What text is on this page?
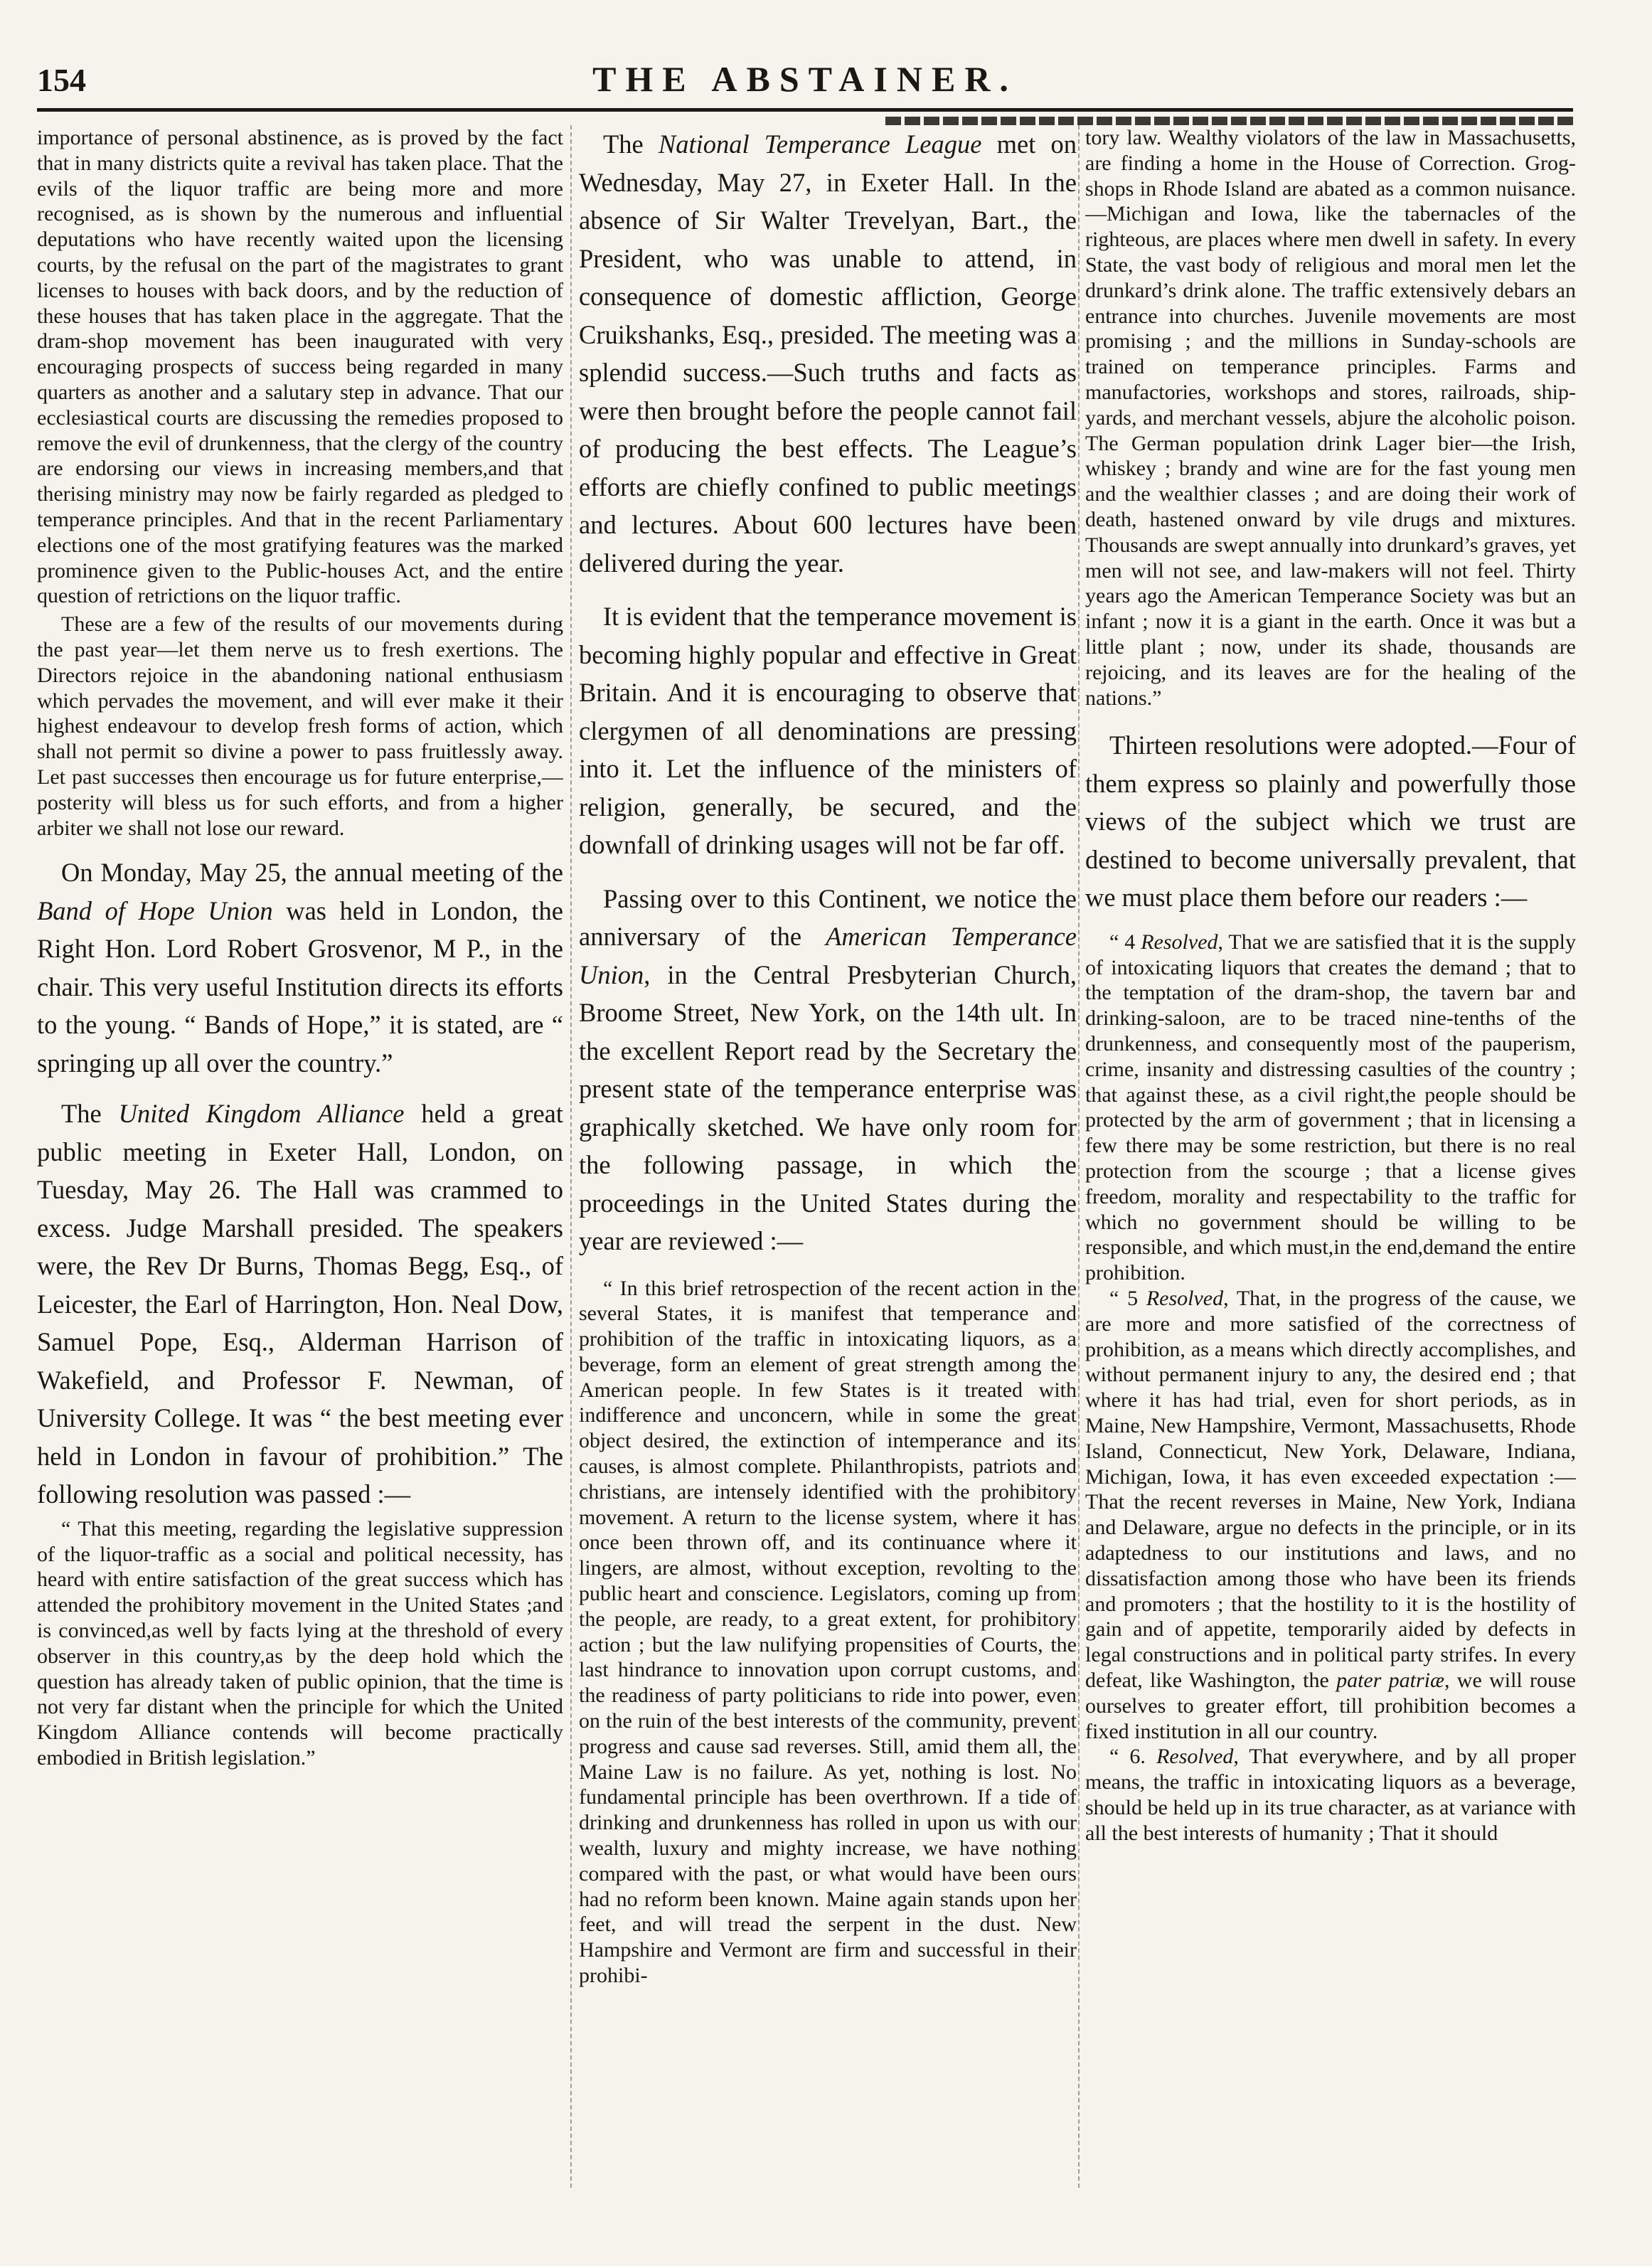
154	THE ABSTAINER.

importance of personal abstinence, as is proved by the fact that in many districts quite a revival has taken place. That the evils of the liquor traffic are being more and more recognised, as is shown by the numerous and influential deputations who have recently waited upon the licensing courts, by the refusal on the part of the magistrates to grant licenses to houses with back doors, and by the reduction of these houses that has taken place in the aggregate. That the dram-shop movement has been inaugurated with very encouraging prospects of success being regarded in many quarters as another and a salutary step in advance. That our ecclesiastical courts are discussing the remedies proposed to remove the evil of drunkenness, that the clergy of the country are endorsing our views in increasing members,and that therising ministry may now be fairly regarded as pledged to temperance principles. And that in the recent Parliamentary elections one of the most gratifying features was the marked prominence given to the Public-houses Act, and the entire question of retrictions on the liquor traffic.

These are a few of the results of our movements during the past year—let them nerve us to fresh exertions. The Directors rejoice in the abandoning national enthusiasm which pervades the movement, and will ever make it their highest endeavour to develop fresh forms of action, which shall not permit so divine a power to pass fruitlessly away. Let past successes then encourage us for future enterprise,—posterity will bless us for such efforts, and from a higher arbiter we shall not lose our reward.

On Monday, May 25, the annual meeting of the Band of Hope Union was held in London, the Right Hon. Lord Robert Grosvenor, M P., in the chair. This very useful Institution directs its efforts to the young. “ Bands of Hope,” it is stated, are “ springing up all over the country.”

The United Kingdom Alliance held a great public meeting in Exeter Hall, London, on Tuesday, May 26. The Hall was crammed to excess. Judge Marshall presided. The speakers were, the Rev Dr Burns, Thomas Begg, Esq., of Leicester, the Earl of Harrington, Hon. Neal Dow, Samuel Pope, Esq., Alderman Harrison of Wakefield, and Professor F. Newman, of University College. It was “ the best meeting ever held in London in favour of prohibition.” The following resolution was passed :—

“ That this meeting, regarding the legislative suppression of the liquor-traffic as a social and political necessity, has heard with entire satisfaction of the great success which has attended the prohibitory movement in the United States ;and is convinced,as well by facts lying at the threshold of every observer in this country,as by the deep hold which the question has already taken of public opinion, that the time is not very far distant when the principle for which the United Kingdom Alliance contends will become practically embodied in British legislation.”

The National Temperance League met on Wednesday, May 27, in Exeter Hall. In the absence of Sir Walter Trevelyan, Bart., the President, who was unable to attend, in consequence of domestic affliction, George Cruikshanks, Esq., presided. The meeting was a splendid success.—Such truths and facts as were then brought before the people cannot fail of producing the best effects. The League’s efforts are chiefly confined to public meetings and lectures. About 600 lectures have been delivered during the year.

It is evident that the temperance movement is becoming highly popular and effective in Great Britain. And it is encouraging to observe that clergymen of all denominations are pressing into it. Let the influence of the ministers of religion, generally, be secured, and the downfall of drinking usages will not be far off.

Passing over to this Continent, we notice the anniversary of the American Temperance Union, in the Central Presbyterian Church, Broome Street, New York, on the 14th ult. In the excellent Report read by the Secretary the present state of the temperance enterprise was graphically sketched. We have only room for the following passage, in which the proceedings in the United States during the year are reviewed :—

“ In this brief retrospection of the recent action in the several States, it is manifest that temperance and prohibition of the traffic in intoxicating liquors, as a beverage, form an element of great strength among the American people. In few States is it treated with indifference and unconcern, while in some the great object desired, the extinction of intemperance and its causes, is almost complete. Philanthropists, patriots and christians, are intensely identified with the prohibitory movement. A return to the license system, where it has once been thrown off, and its continuance where it lingers, are almost, without exception, revolting to the public heart and conscience. Legislators, coming up from the people, are ready, to a great extent, for prohibitory action ; but the law nulifying propensities of Courts, the last hindrance to innovation upon corrupt customs, and the readiness of party politicians to ride into power, even on the ruin of the best interests of the community, prevent progress and cause sad reverses. Still, amid them all, the Maine Law is no failure. As yet, nothing is lost. No fundamental principle has been overthrown. If a tide of drinking and drunkenness has rolled in upon us with our wealth, luxury and mighty increase, we have nothing compared with the past, or what would have been ours had no reform been known. Maine again stands upon her feet, and will tread the serpent in the dust. New Hampshire and Vermont are firm and successful in their prohibi-

tory law. Wealthy violators of the law in Massachusetts, are finding a home in the House of Correction. Grog-shops in Rhode Island are abated as a common nuisance.—Michigan and Iowa, like the tabernacles of the righteous, are places where men dwell in safety. In every State, the vast body of religious and moral men let the drunkard’s drink alone. The traffic extensively debars an entrance into churches. Juvenile movements are most promising ; and the millions in Sunday-schools are trained on temperance principles. Farms and manufactories, workshops and stores, railroads, ship-yards, and merchant vessels, abjure the alcoholic poison. The German population drink Lager bier—the Irish, whiskey ; brandy and wine are for the fast young men and the wealthier classes ; and are doing their work of death, hastened onward by vile drugs and mixtures. Thousands are swept annually into drunkard’s graves, yet men will not see, and law-makers will not feel. Thirty years ago the American Temperance Society was but an infant ; now it is a giant in the earth. Once it was but a little plant ; now, under its shade, thousands are rejoicing, and its leaves are for the healing of the nations.”

Thirteen resolutions were adopted.—Four of them express so plainly and powerfully those views of the subject which we trust are destined to become universally prevalent, that we must place them before our readers :—

“ 4 Resolved, That we are satisfied that it is the supply of intoxicating liquors that creates the demand ; that to the temptation of the dram-shop, the tavern bar and drinking-saloon, are to be traced nine-tenths of the drunkenness, and consequently most of the pauperism, crime, insanity and distressing casulties of the country ; that against these, as a civil right,the people should be protected by the arm of government ; that in licensing a few there may be some restriction, but there is no real protection from the scourge ; that a license gives freedom, morality and respectability to the traffic for which no government should be willing to be responsible, and which must,in the end,demand the entire prohibition.

“ 5 Resolved, That, in the progress of the cause, we are more and more satisfied of the correctness of prohibition, as a means which directly accomplishes, and without permanent injury to any, the desired end ; that where it has had trial, even for short periods, as in Maine, New Hampshire, Vermont, Massachusetts, Rhode Island, Connecticut, New York, Delaware, Indiana, Michigan, Iowa, it has even exceeded expectation :—That the recent reverses in Maine, New York, Indiana and Delaware, argue no defects in the principle, or in its adaptedness to our institutions and laws, and no dissatisfaction among those who have been its friends and promoters ; that the hostility to it is the hostility of gain and of appetite, temporarily aided by defects in legal constructions and in political party strifes. In every defeat, like Washington, the pater patriæ, we will rouse ourselves to greater effort, till prohibition becomes a fixed institution in all our country.

“ 6. Resolved, That everywhere, and by all proper means, the traffic in intoxicating liquors as a beverage, should be held up in its true character, as at variance with all the best interests of humanity ; That it should
